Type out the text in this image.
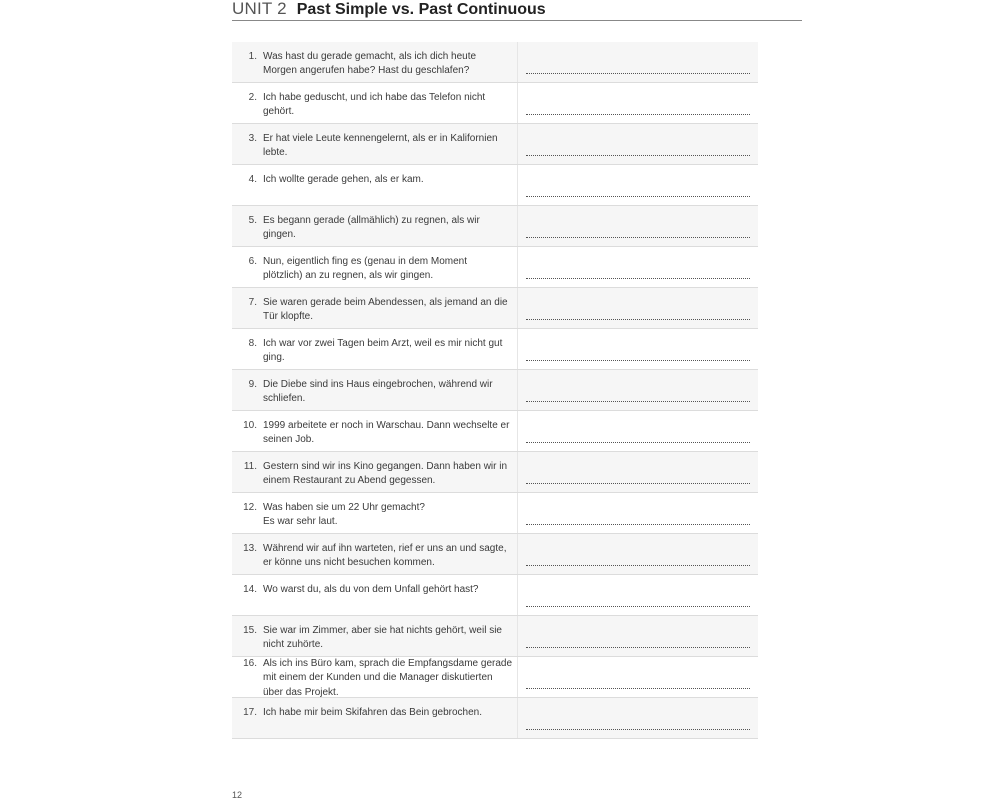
UNIT 2 Past Simple vs. Past Continuous
1. Was hast du gerade gemacht, als ich dich heute
Morgen angerufen habe? Hast du geschlafen?
2. Ich habe geduscht, und ich habe das Telefon nicht
gehört.
3. Er hat viele Leute kennengelernt, als er in Kalifornien
lebte.
4. Ich wollte gerade gehen, als er kam.
5. Es begann gerade (allmählich) zu regnen, als wir
gingen.
6. Nun, eigentlich fing es (genau in dem Moment
plötzlich) an zu regnen, als wir gingen.
7. Sie waren gerade beim Abendessen, als jemand an die
Tür klopfte.
8. Ich war vor zwei Tagen beim Arzt, weil es mir nicht gut
ging.
9. Die Diebe sind ins Haus eingebrochen, während wir
schliefen.
10. 1999 arbeitete er noch in Warschau. Dann wechselte er
seinen Job.
11. Gestern sind wir ins Kino gegangen. Dann haben wir in
einem Restaurant zu Abend gegessen.
12. Was haben sie um 22 Uhr gemacht?
Es war sehr laut.
13. Während wir auf ihn warteten, rief er uns an und sagte,
er könne uns nicht besuchen kommen.
14. Wo warst du, als du von dem Unfall gehört hast?
15. Sie war im Zimmer, aber sie hat nichts gehört, weil sie
nicht zuhörte.
16. Als ich ins Büro kam, sprach die Empfangsdame gerade
mit einem der Kunden und die Manager diskutierten
über das Projekt.
17. Ich habe mir beim Skifahren das Bein gebrochen.
12
